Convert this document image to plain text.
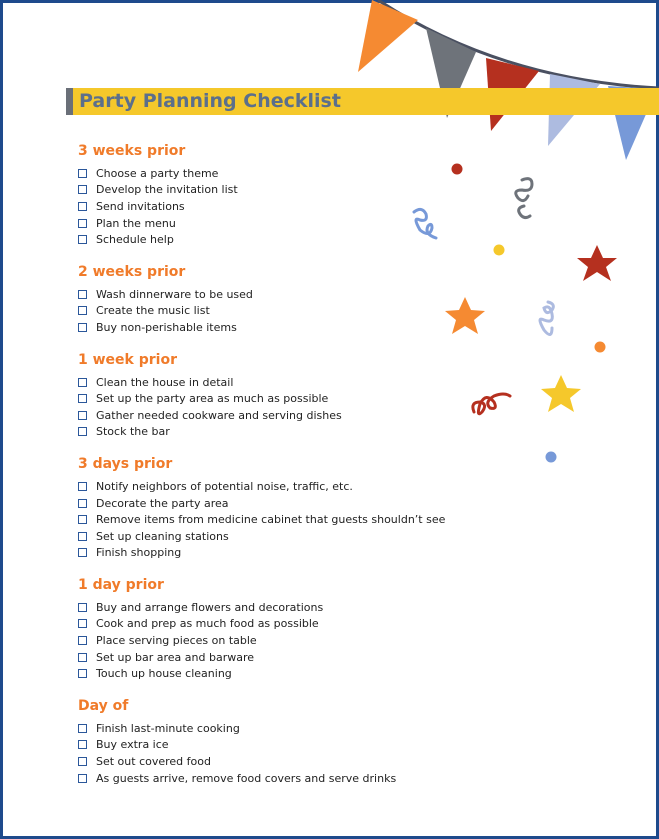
Party Planning Checklist
3 weeks prior
Choose a party theme
Develop the invitation list
Send invitations
Plan the menu
Schedule help
2 weeks prior
Wash dinnerware to be used
Create the music list
Buy non-perishable items
1 week prior
Clean the house in detail
Set up the party area as much as possible
Gather needed cookware and serving dishes
Stock the bar
3 days prior
Notify neighbors of potential noise, traffic, etc.
Decorate the party area
Remove items from medicine cabinet that guests shouldn’t see
Set up cleaning stations
Finish shopping
1 day prior
Buy and arrange flowers and decorations
Cook and prep as much food as possible
Place serving pieces on table
Set up bar area and barware
Touch up house cleaning
Day of
Finish last-minute cooking
Buy extra ice
Set out covered food
As guests arrive, remove food covers and serve drinks
